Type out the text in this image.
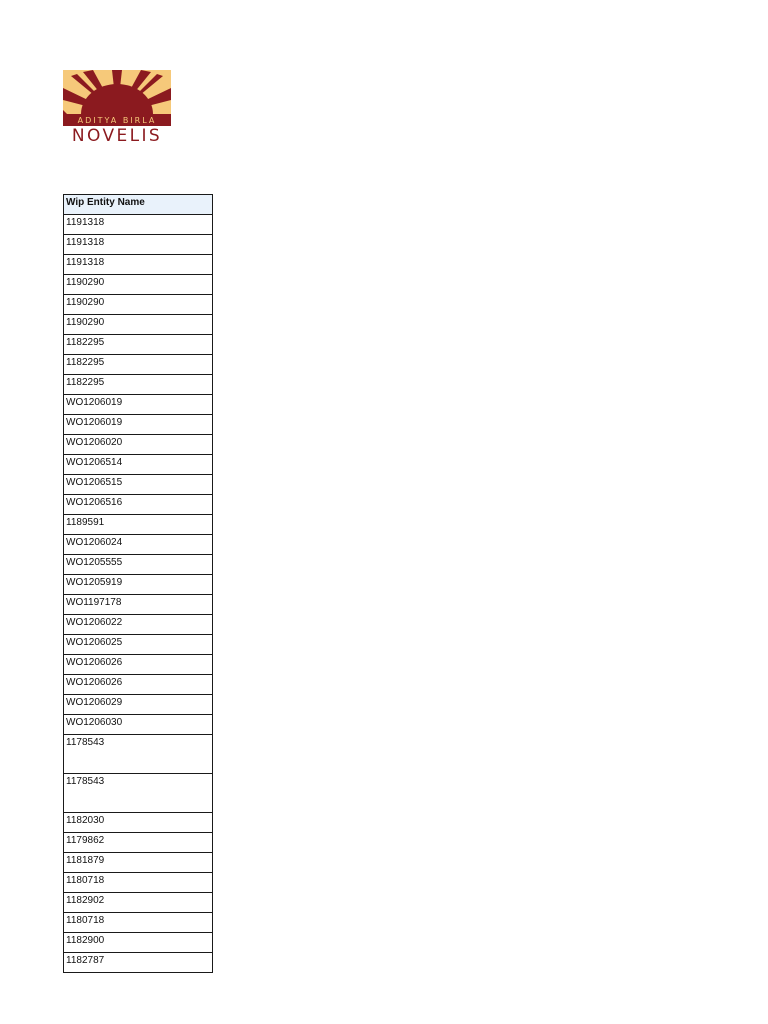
ADITYA BIRLA
NOVELIS
Wip Entity Name
1191318
1191318
1191318
1190290
1190290
1190290
1182295
1182295
1182295
WO1206019
WO1206019
WO1206020
WO1206514
WO1206515
WO1206516
1189591
WO1206024
WO1205555
WO1205919
WO1197178
WO1206022
WO1206025
WO1206026
WO1206026
WO1206029
WO1206030
1178543
1178543
1182030
1179862
1181879
1180718
1182902
1180718
1182900
1182787
